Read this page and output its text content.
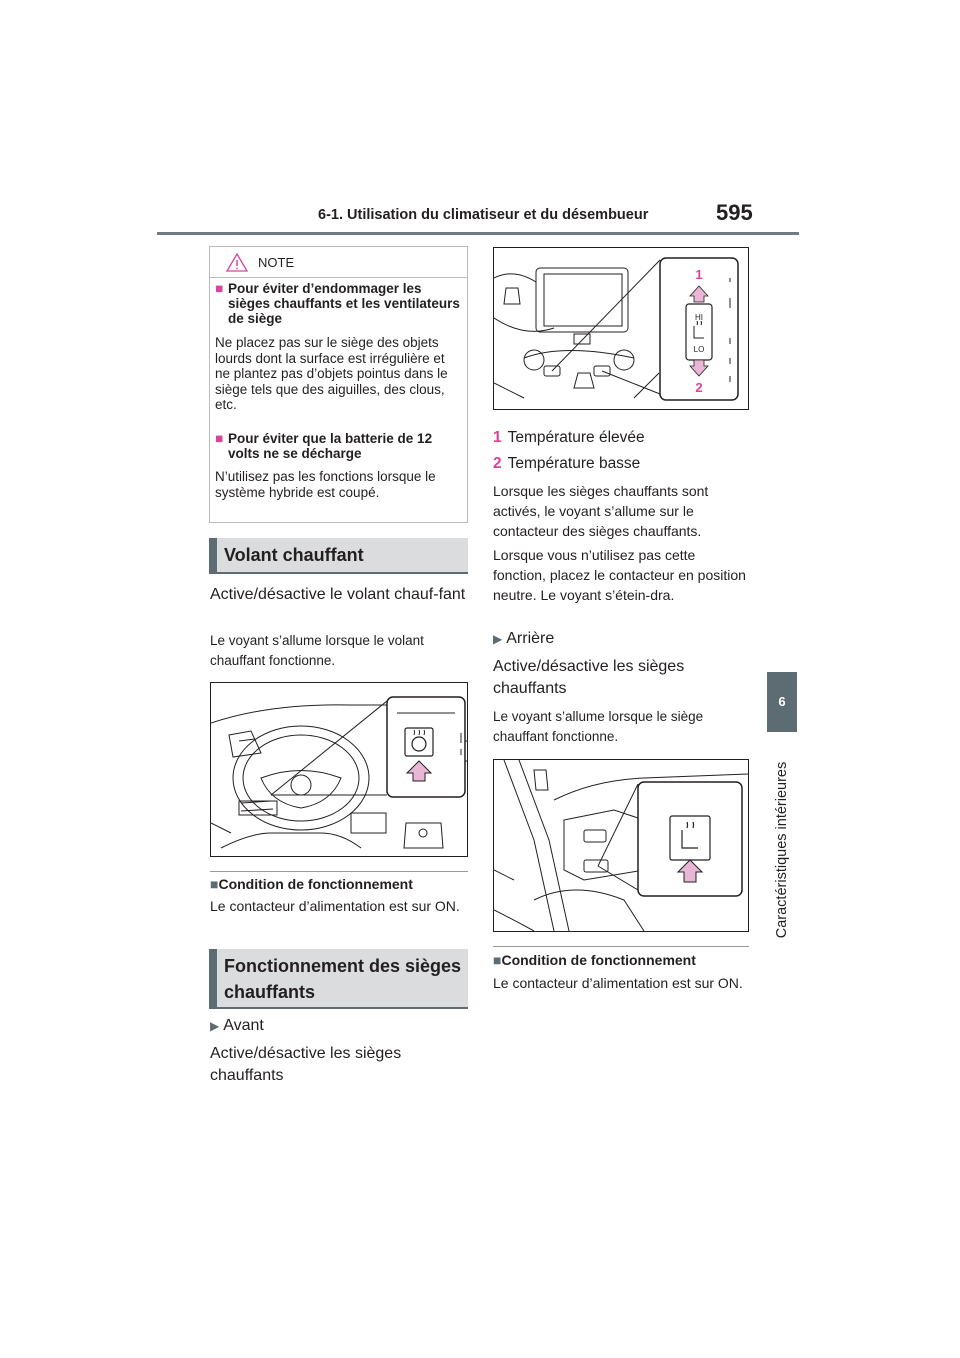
6-1. Utilisation du climatiseur et du désembueur	595
6
Caractéristiques intérieures
NOTE
■ Pour éviter d’endommager les sièges chauffants et les ventilateurs de siège
Ne placez pas sur le siège des objets lourds dont la surface est irrégulière et ne plantez pas d’objets pointus dans le siège tels que des aiguilles, des clous, etc.
■ Pour éviter que la batterie de 12 volts ne se décharge
N’utilisez pas les fonctions lorsque le système hybride est coupé.
Volant chauffant
Active/désactive le volant chauf-fant
Le voyant s’allume lorsque le volant chauffant fonctionne.
■Condition de fonctionnement
Le contacteur d’alimentation est sur ON.
Fonctionnement des sièges chauffants
▶ Avant
Active/désactive les sièges chauffants
1
HI
LO
2
1 Température élevée
2 Température basse
Lorsque les sièges chauffants sont activés, le voyant s’allume sur le contacteur des sièges chauffants.
Lorsque vous n’utilisez pas cette fonction, placez le contacteur en position neutre. Le voyant s’étein-dra.
▶ Arrière
Active/désactive les sièges chauffants
Le voyant s’allume lorsque le siège chauffant fonctionne.
■Condition de fonctionnement
Le contacteur d’alimentation est sur ON.
